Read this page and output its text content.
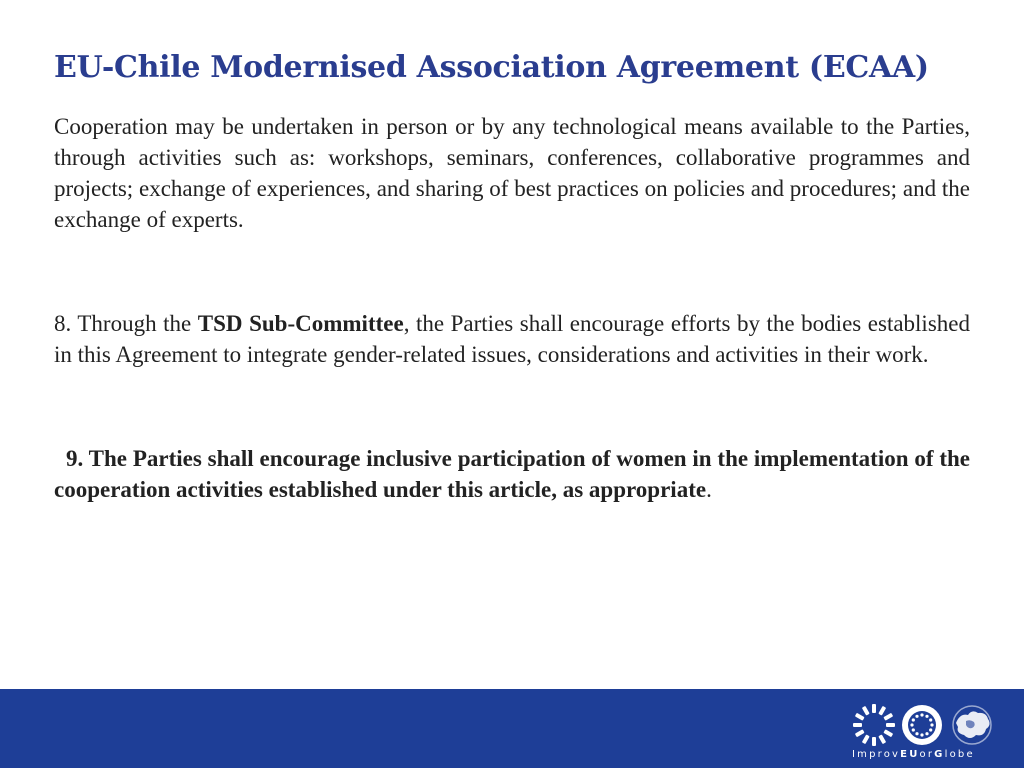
EU-Chile Modernised Association Agreement (ECAA)

Cooperation may be undertaken in person or by any technological means available to the Parties, through activities such as: workshops, seminars, conferences, collaborative programmes and projects; exchange of experiences, and sharing of best practices on policies and procedures; and the exchange of experts.

8. Through the TSD Sub-Committee, the Parties shall encourage efforts by the bodies established in this Agreement to integrate gender-related issues, considerations and activities in their work.

9. The Parties shall encourage inclusive participation of women in the implementation of the cooperation activities established under this article, as appropriate.

ImprovEUorGlobe
